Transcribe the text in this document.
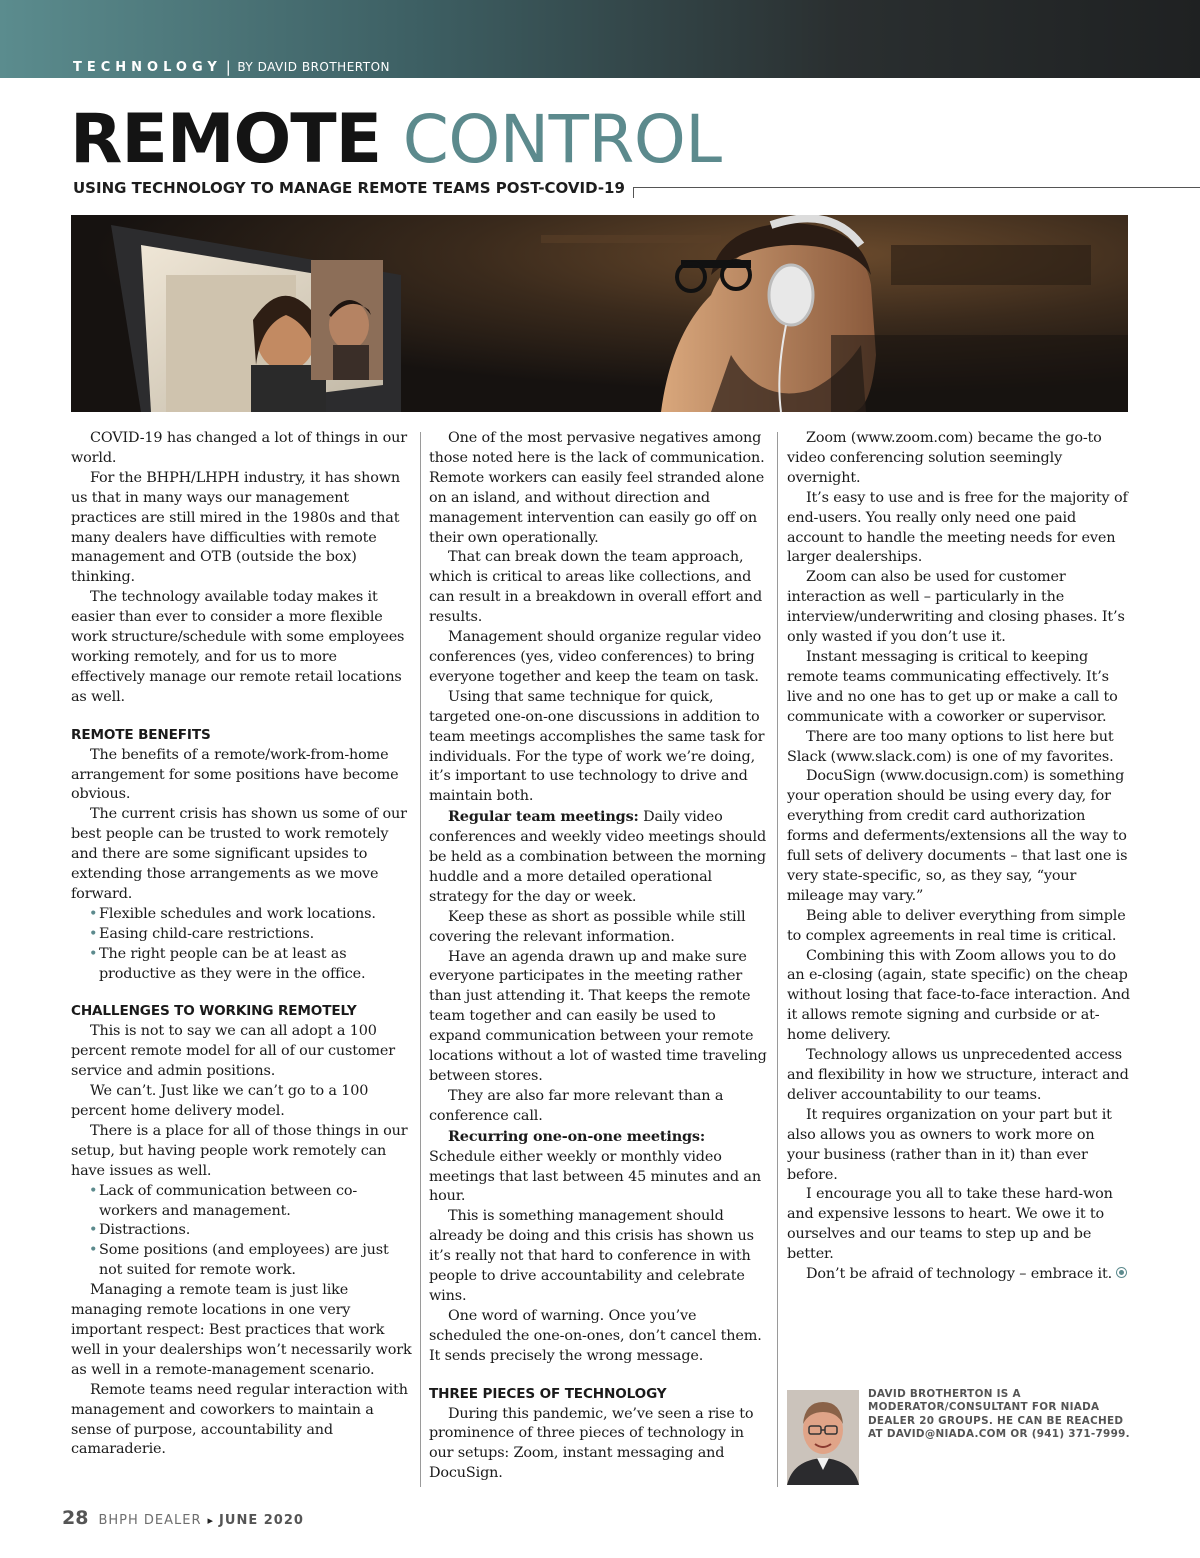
TECHNOLOGY | BY DAVID BROTHERTON
REMOTE CONTROL
USING TECHNOLOGY TO MANAGE REMOTE TEAMS POST-COVID-19

COVID-19 has changed a lot of things in our world.

For the BHPH/LHPH industry, it has shown us that in many ways our management practices are still mired in the 1980s and that many dealers have difficulties with remote management and OTB (outside the box) thinking.

The technology available today makes it easier than ever to consider a more flexible work structure/schedule with some employees working remotely, and for us to more effectively manage our remote retail locations as well.

REMOTE BENEFITS

The benefits of a remote/work-from-home arrangement for some positions have become obvious.

The current crisis has shown us some of our best people can be trusted to work remotely and there are some significant upsides to extending those arrangements as we move forward.

• Flexible schedules and work locations.
• Easing child-care restrictions.
• The right people can be at least as productive as they were in the office.
CHALLENGES TO WORKING REMOTELY

This is not to say we can all adopt a 100 percent remote model for all of our customer service and admin positions.

We can’t. Just like we can’t go to a 100 percent home delivery model.

There is a place for all of those things in our setup, but having people work remotely can have issues as well.

• Lack of communication between co-workers and management.
• Distractions.
• Some positions (and employees) are just not suited for remote work.

Managing a remote team is just like managing remote locations in one very important respect: Best practices that work well in your dealerships won’t necessarily work as well in a remote-management scenario.

Remote teams need regular interaction with management and coworkers to maintain a sense of purpose, accountability and camaraderie.

One of the most pervasive negatives among those noted here is the lack of communication. Remote workers can easily feel stranded alone on an island, and without direction and management intervention can easily go off on their own operationally.

That can break down the team approach, which is critical to areas like collections, and can result in a breakdown in overall effort and results.

Management should organize regular video conferences (yes, video conferences) to bring everyone together and keep the team on task.

Using that same technique for quick, targeted one-on-one discussions in addition to team meetings accomplishes the same task for individuals. For the type of work we’re doing, it’s important to use technology to drive and maintain both.

Regular team meetings: Daily video conferences and weekly video meetings should be held as a combination between the morning huddle and a more detailed operational strategy for the day or week.

Keep these as short as possible while still covering the relevant information.

Have an agenda drawn up and make sure everyone participates in the meeting rather than just attending it. That keeps the remote team together and can easily be used to expand communication between your remote locations without a lot of wasted time traveling between stores.

They are also far more relevant than a conference call.

Recurring one-on-one meetings: Schedule either weekly or monthly video meetings that last between 45 minutes and an hour.

This is something management should already be doing and this crisis has shown us it’s really not that hard to conference in with people to drive accountability and celebrate wins.

One word of warning. Once you’ve scheduled the one-on-ones, don’t cancel them. It sends precisely the wrong message.

THREE PIECES OF TECHNOLOGY

During this pandemic, we’ve seen a rise to prominence of three pieces of technology in our setups: Zoom, instant messaging and DocuSign.

Zoom (www.zoom.com) became the go-to video conferencing solution seemingly overnight.

It’s easy to use and is free for the majority of end-users. You really only need one paid account to handle the meeting needs for even larger dealerships.

Zoom can also be used for customer interaction as well – particularly in the interview/underwriting and closing phases. It’s only wasted if you don’t use it.

Instant messaging is critical to keeping remote teams communicating effectively. It’s live and no one has to get up or make a call to communicate with a coworker or supervisor.

There are too many options to list here but Slack (www.slack.com) is one of my favorites.

DocuSign (www.docusign.com) is something your operation should be using every day, for everything from credit card authorization forms and deferments/extensions all the way to full sets of delivery documents – that last one is very state-specific, so, as they say, “your mileage may vary.”

Being able to deliver everything from simple to complex agreements in real time is critical.

Combining this with Zoom allows you to do an e-closing (again, state specific) on the cheap without losing that face-to-face interaction. And it allows remote signing and curbside or at-home delivery.

Technology allows us unprecedented access and flexibility in how we structure, interact and deliver accountability to our teams.

It requires organization on your part but it also allows you as owners to work more on your business (rather than in it) than ever before.

I encourage you all to take these hard-won and expensive lessons to heart. We owe it to ourselves and our teams to step up and be better.

Don’t be afraid of technology – embrace it.

DAVID BROTHERTON IS A MODERATOR/CONSULTANT FOR NIADA DEALER 20 GROUPS. HE CAN BE REACHED AT DAVID@NIADA.COM OR (941) 371-7999.
28 BHPH DEALER ▸ JUNE 2020
